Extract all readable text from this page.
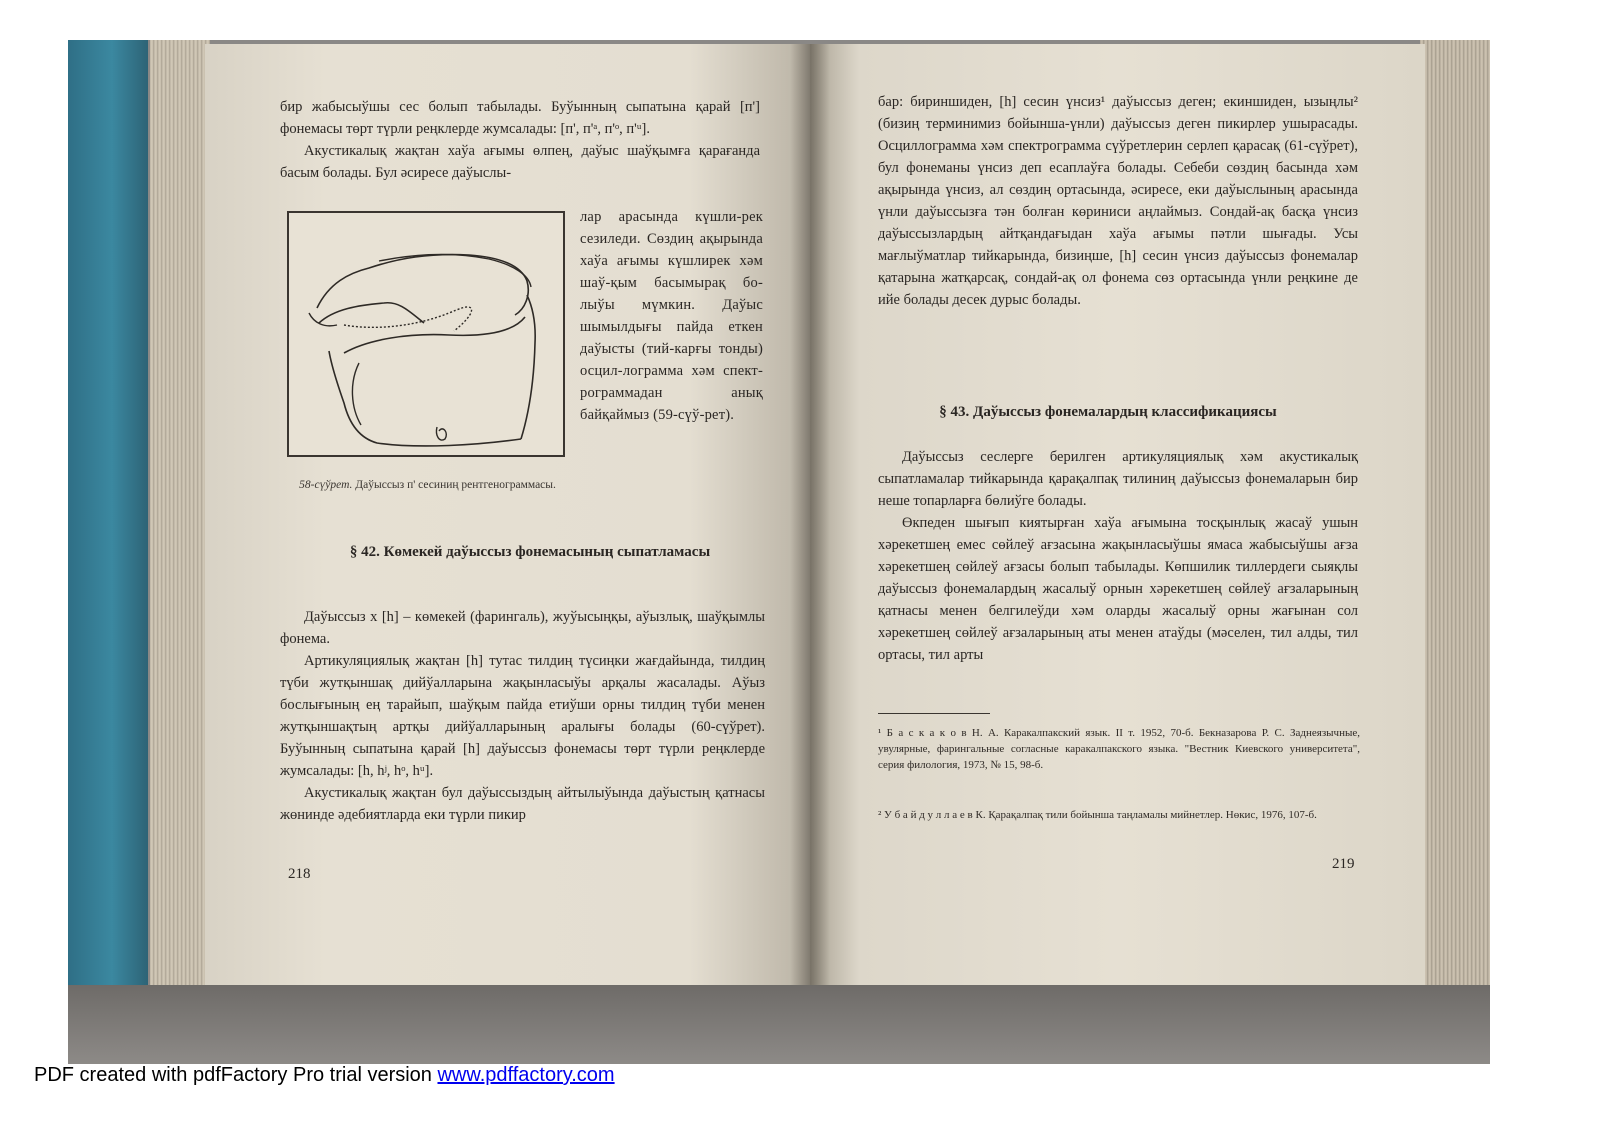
бир жабысыўшы сес болып табылады. Буўынның сыпатына қарай [п'] фонемасы төрт түрли реңклерде жумсалады: [п', п'ᵃ, п'ᵒ, п'ᵘ].

Акустикалық жақтан хаўа ағымы өлпең, даўыс шаўқымға қарағанда басым болады. Бул әсиресе даўыслы-

лар арасында күшли-рек сезиледи. Сөздиң ақырында хаўа ағымы күшлирек хәм шаў-қым басымырақ бо-лыўы мүмкин. Даўыс шымылдығы пайда еткен даўысты (тий-карғы тонды) осцил-лограмма хәм спект-рограммадан анық байқаймыз (59-сүў-рет).

58-сүўрет. Даўыссыз п' сесиниң рентгенограммасы.
§ 42. Көмекей даўыссыз фонемасының сыпатламасы

Даўыссыз х [h] – көмекей (фарингаль), жуўысыңқы, аўызлық, шаўқымлы фонема.

Артикуляциялық жақтан [h] тутас тилдиң түсиңки жағдайында, тилдиң түби жутқыншақ дийўалларына жақынласыўы арқалы жасалады. Аўыз бослығының ең тарайып, шаўқым пайда етиўши орны тилдиң түби менен жутқыншақтың артқы дийўалларының аралығы болады (60-сүўрет). Буўынның сыпатына қарай [h] даўыссыз фонемасы төрт түрли реңклерде жумсалады: [h, hʲ, hᵒ, hᵘ].

Акустикалық жақтан бул даўыссыздың айтылыўында даўыстың қатнасы жөнинде әдебиятларда еки түрли пикир

218

бар: бириншиден, [h] сесин үнсиз¹ даўыссыз деген; екиншиден, ызыңлы² (бизиң терминимиз бойынша-үнли) даўыссыз деген пикирлер ушырасады. Осциллограмма хәм спектрограмма сүўретлерин серлеп қарасақ (61-сүўрет), бул фонеманы үнсиз деп есаплаўға болады. Себеби сөздиң басында хәм ақырында үнсиз, ал сөздиң ортасында, әсиресе, еки даўыслының арасында үнли даўыссызға тән болған көриниси аңлаймыз. Сондай-ақ басқа үнсиз даўыссызлардың айтқандағыдан хаўа ағымы пәтли шығады. Усы мағлыўматлар тийкарында, бизиңше, [h] сесин үнсиз даўыссыз фонемалар қатарына жатқарсақ, сондай-ақ ол фонема сөз ортасында үнли реңкине де ийе болады десек дурыс болады.

§ 43. Даўыссыз фонемалардың классификациясы

Даўыссыз сеслерге берилген артикуляциялық хәм акустикалық сыпатламалар тийкарында қарақалпақ тилиниң даўыссыз фонемаларын бир неше топарларға бөлиўге болады.

Өкпеден шығып киятырған хаўа ағымына тосқынлық жасаў ушын хәрекетшең емес сөйлеў ағзасына жақынласыўшы ямаса жабысыўшы ағза хәрекетшең сөйлеў ағзасы болып табылады. Көпшилик тиллердеги сыяқлы даўыссыз фонемалардың жасалыў орнын хәрекетшең сөйлеў ағзаларының қатнасы менен белгилеўди хәм оларды жасалыў орны жағынан сол хәрекетшең сөйлеў ағзаларының аты менен атаўды (мәселен, тил алды, тил ортасы, тил арты

¹ Б а с к а к о в Н. А. Каракалпакский язык. II т. 1952, 70-б. Бекназарова Р. С. Заднеязычные, увулярные, фарингальные согласные каракалпакского языка. "Вестник Киевского университета", серия филология, 1973, № 15, 98-б.
² У б а й д у л л а е в К. Қарақалпақ тили бойынша таңламалы мийнетлер. Нөкис, 1976, 107-б.
219
PDF created with pdfFactory Pro trial version www.pdffactory.com
